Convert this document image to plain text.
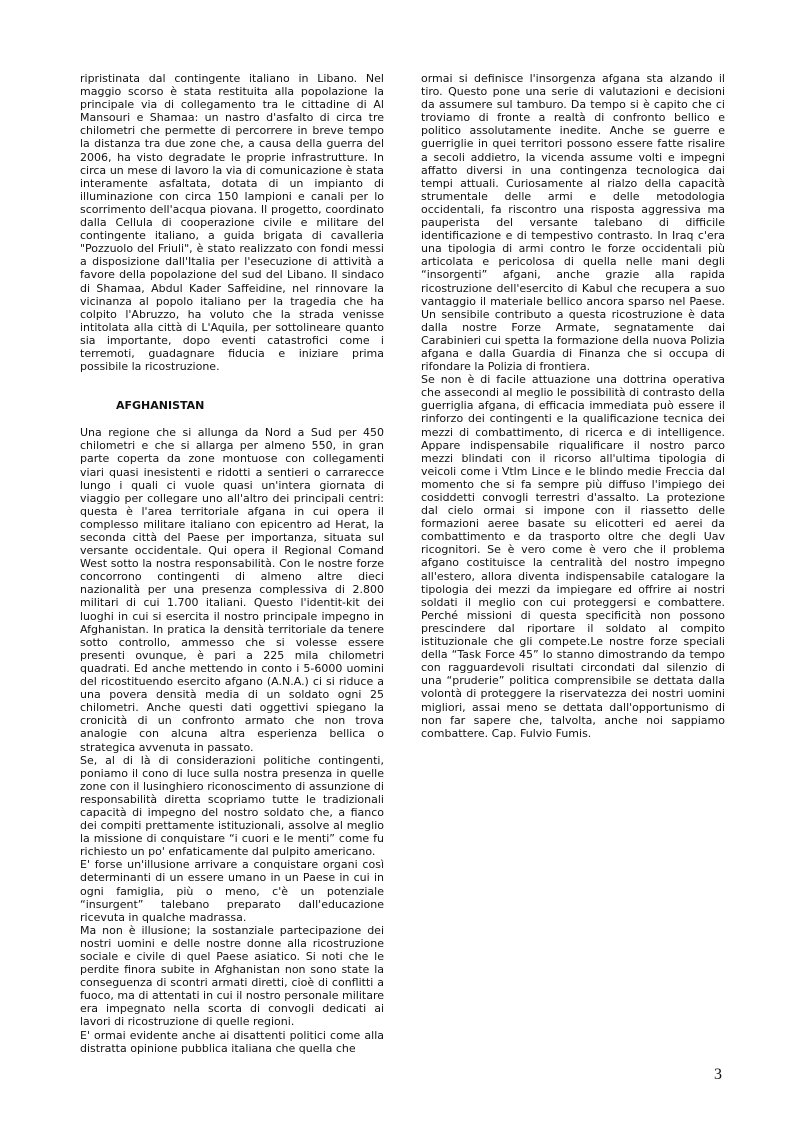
ripristinata dal contingente italiano in Libano. Nel maggio scorso è stata restituita alla popolazione la principale via di collegamento tra le cittadine di Al Mansouri e Shamaa: un nastro d'asfalto di circa tre chilometri che permette di percorrere in breve tempo la distanza tra due zone che, a causa della guerra del 2006, ha visto degradate le proprie infrastrutture. In circa un mese di lavoro la via di comunicazione è stata interamente asfaltata, dotata di un impianto di illuminazione con circa 150 lampioni e canali per lo scorrimento dell'acqua piovana. Il progetto, coordinato dalla Cellula di cooperazione civile e militare del contingente italiano, a guida brigata di cavalleria "Pozzuolo del Friuli", è stato realizzato con fondi messi a disposizione dall'Italia per l'esecuzione di attività a favore della popolazione del sud del Libano. Il sindaco di Shamaa, Abdul Kader Saffeidine, nel rinnovare la vicinanza al popolo italiano per la tragedia che ha colpito l'Abruzzo, ha voluto che la strada venisse intitolata alla città di L'Aquila, per sottolineare quanto sia importante, dopo eventi catastrofici come i terremoti, guadagnare fiducia e iniziare prima possibile la ricostruzione.

AFGHANISTAN

Una regione che si allunga da Nord a Sud per 450 chilometri e che si allarga per almeno 550, in gran parte coperta da zone montuose con collegamenti viari quasi inesistenti e ridotti a sentieri o carrarecce lungo i quali ci vuole quasi un'intera giornata di viaggio per collegare uno all'altro dei principali centri: questa è l'area territoriale afgana in cui opera il complesso militare italiano con epicentro ad Herat, la seconda città del Paese per importanza, situata sul versante occidentale. Qui opera il Regional Comand West sotto la nostra responsabilità. Con le nostre forze concorrono contingenti di almeno altre dieci nazionalità per una presenza complessiva di 2.800 militari di cui 1.700 italiani. Questo l'identit-kit dei luoghi in cui si esercita il nostro principale impegno in Afghanistan. In pratica la densità territoriale da tenere sotto controllo, ammesso che si volesse essere presenti ovunque, è pari a 225 mila chilometri quadrati. Ed anche mettendo in conto i 5-6000 uomini del ricostituendo esercito afgano (A.N.A.) ci si riduce a una povera densità media di un soldato ogni 25 chilometri. Anche questi dati oggettivi spiegano la cronicità di un confronto armato che non trova analogie con alcuna altra esperienza bellica o strategica avvenuta in passato.

Se, al di là di considerazioni politiche contingenti, poniamo il cono di luce sulla nostra presenza in quelle zone con il lusinghiero riconoscimento di assunzione di responsabilità diretta scopriamo tutte le tradizionali capacità di impegno del nostro soldato che, a fianco dei compiti prettamente istituzionali, assolve al meglio la missione di conquistare “i cuori e le menti” come fu richiesto un po' enfaticamente dal pulpito americano.

E' forse un'illusione arrivare a conquistare organi così determinanti di un essere umano in un Paese in cui in ogni famiglia, più o meno, c'è un potenziale “insurgent” talebano preparato dall'educazione ricevuta in qualche madrassa.

Ma non è illusione; la sostanziale partecipazione dei nostri uomini e delle nostre donne alla ricostruzione sociale e civile di quel Paese asiatico. Si noti che le perdite finora subite in Afghanistan non sono state la conseguenza di scontri armati diretti, cioè di conflitti a fuoco, ma di attentati in cui il nostro personale militare era impegnato nella scorta di convogli dedicati ai lavori di ricostruzione di quelle regioni.

E' ormai evidente anche ai disattenti politici come alla distratta opinione pubblica italiana che quella che

ormai si definisce l'insorgenza afgana sta alzando il tiro. Questo pone una serie di valutazioni e decisioni da assumere sul tamburo. Da tempo si è capito che ci troviamo di fronte a realtà di confronto bellico e politico assolutamente inedite. Anche se guerre e guerriglie in quei territori possono essere fatte risalire a secoli addietro, la vicenda assume volti e impegni affatto diversi in una contingenza tecnologica dai tempi attuali. Curiosamente al rialzo della capacità strumentale delle armi e delle metodologia occidentali, fa riscontro una risposta aggressiva ma pauperista del versante talebano di difficile identificazione e di tempestivo contrasto. In Iraq c'era una tipologia di armi contro le forze occidentali più articolata e pericolosa di quella nelle mani degli “insorgenti” afgani, anche grazie alla rapida ricostruzione dell'esercito di Kabul che recupera a suo vantaggio il materiale bellico ancora sparso nel Paese. Un sensibile contributo a questa ricostruzione è data dalla nostre Forze Armate, segnatamente dai Carabinieri cui spetta la formazione della nuova Polizia afgana e dalla Guardia di Finanza che si occupa di rifondare la Polizia di frontiera.

Se non è di facile attuazione una dottrina operativa che assecondi al meglio le possibilità di contrasto della guerriglia afgana, di efficacia immediata può essere il rinforzo dei contingenti e la qualificazione tecnica dei mezzi di combattimento, di ricerca e di intelligence. Appare indispensabile riqualificare il nostro parco mezzi blindati con il ricorso all'ultima tipologia di veicoli come i Vtlm Lince e le blindo medie Freccia dal momento che si fa sempre più diffuso l'impiego dei cosiddetti convogli terrestri d'assalto. La protezione dal cielo ormai si impone con il riassetto delle formazioni aeree basate su elicotteri ed aerei da combattimento e da trasporto oltre che degli Uav ricognitori. Se è vero come è vero che il problema afgano costituisce la centralità del nostro impegno all'estero, allora diventa indispensabile catalogare la tipologia dei mezzi da impiegare ed offrire ai nostri soldati il meglio con cui proteggersi e combattere. Perché missioni di questa specificità non possono prescindere dal riportare il soldato al compito istituzionale che gli compete.Le nostre forze speciali della “Task Force 45” lo stanno dimostrando da tempo con ragguardevoli risultati circondati dal silenzio di una “pruderie” politica comprensibile se dettata dalla volontà di proteggere la riservatezza dei nostri uomini migliori, assai meno se dettata dall'opportunismo di non far sapere che, talvolta, anche noi sappiamo combattere. Cap. Fulvio Fumis.

3
